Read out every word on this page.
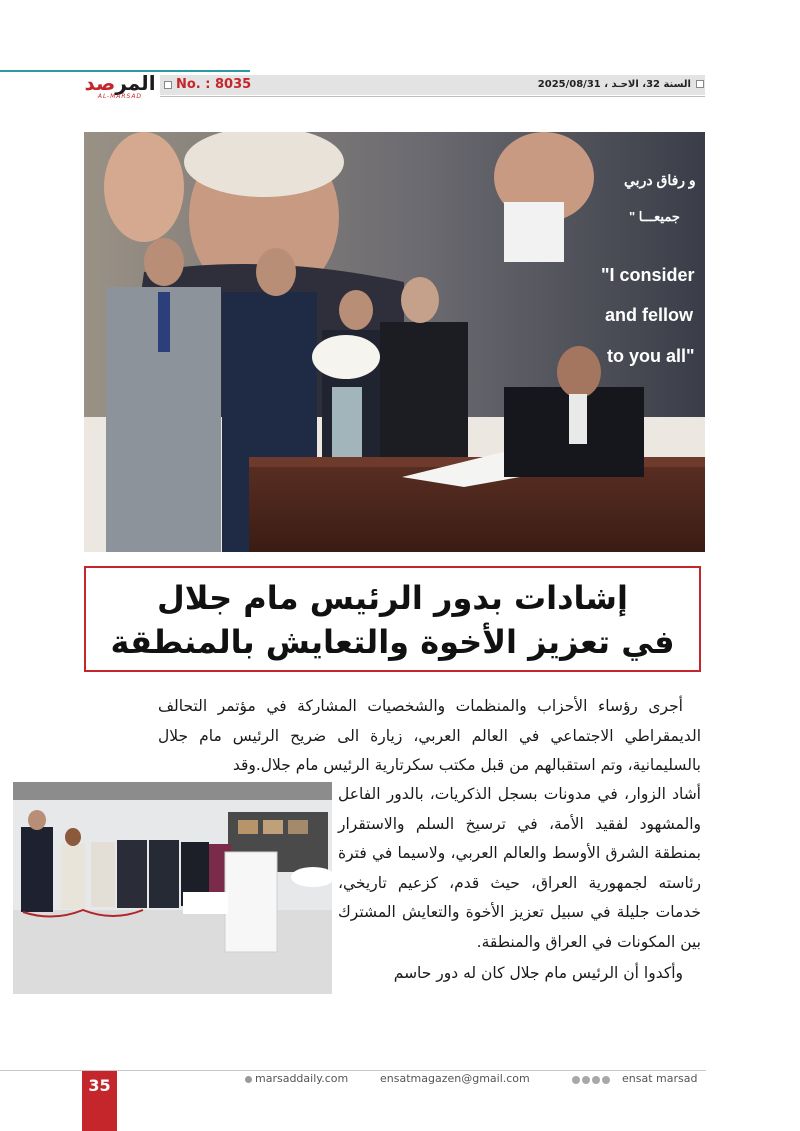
المرصد
AL-MARSAD
No. : 8035	السنة 32، الاحـد ، 2025/08/31
و رفاق دربي
جميعـــا "
"I consider
and fellow
to you all"
إشادات بدور الرئيس مام جلال
في تعزيز الأخوة والتعايش بالمنطقة

أجرى رؤساء الأحزاب والمنظمات والشخصيات المشاركة في مؤتمر التحالف الديمقراطي الاجتماعي في العالم العربي، زيارة الى ضريح الرئيس مام جلال بالسليمانية، وتم استقبالهم من قبل مكتب سكرتارية الرئيس مام جلال.وقد

أشاد الزوار، في مدونات بسجل الذكريات، بالدور الفاعل والمشهود لفقيد الأمة، في ترسيخ السلم والاستقرار بمنطقة الشرق الأوسط والعالم العربي، ولاسيما في فترة رئاسته لجمهورية العراق، حيث قدم، كزعيم تاريخي، خدمات جليلة في سبيل تعزيز الأخوة والتعايش المشترك بين المكونات في العراق والمنطقة.

وأكدوا أن الرئيس مام جلال كان له دور حاسم

35	marsaddaily.com	ensatmagazen@gmail.com	ensat marsad
